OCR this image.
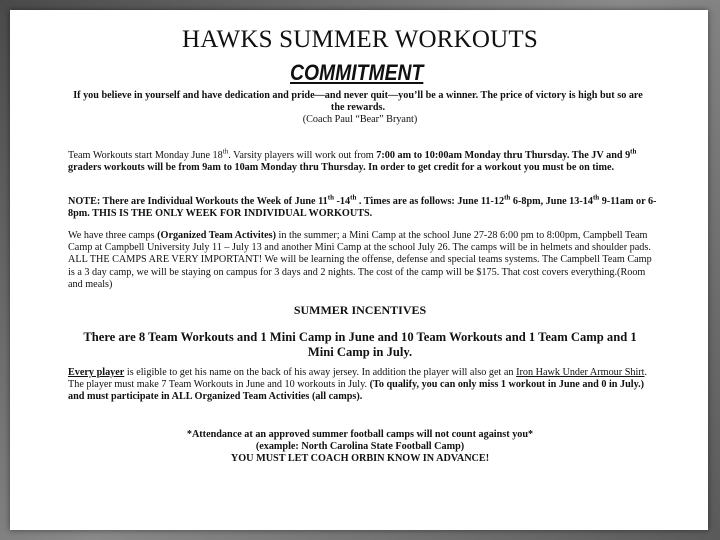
HAWKS SUMMER WORKOUTS
COMMITMENT
If you believe in yourself and have dedication and pride—and never quit—you’ll be a winner. The price of victory is high but so are the rewards.
(Coach Paul “Bear” Bryant)
Team Workouts start Monday June 18th. Varsity players will work out from 7:00 am to 10:00am Monday thru Thursday. The JV and 9th graders workouts will be from 9am to 10am Monday thru Thursday. In order to get credit for a workout you must be on time.
NOTE: There are Individual Workouts the Week of June 11th -14th . Times are as follows: June 11-12th 6-8pm, June 13-14th 9-11am or 6-8pm. THIS IS THE ONLY WEEK FOR INDIVIDUAL WORKOUTS.
We have three camps (Organized Team Activites) in the summer; a Mini Camp at the school June 27-28 6:00 pm to 8:00pm, Campbell Team Camp at Campbell University July 11 – July 13 and another Mini Camp at the school July 26. The camps will be in helmets and shoulder pads. ALL THE CAMPS ARE VERY IMPORTANT! We will be learning the offense, defense and special teams systems. The Campbell Team Camp is a 3 day camp, we will be staying on campus for 3 days and 2 nights. The cost of the camp will be $175. That cost covers everything.(Room and meals)
SUMMER INCENTIVES
There are 8 Team Workouts and 1 Mini Camp in June and 10 Team Workouts and 1 Team Camp and 1 Mini Camp in July.
Every player is eligible to get his name on the back of his away jersey. In addition the player will also get an Iron Hawk Under Armour Shirt. The player must make 7 Team Workouts in June and 10 workouts in July. (To qualify, you can only miss 1 workout in June and 0 in July.) and must participate in ALL Organized Team Activities (all camps).
*Attendance at an approved summer football camps will not count against you*
(example: North Carolina State Football Camp)
YOU MUST LET COACH ORBIN KNOW IN ADVANCE!
